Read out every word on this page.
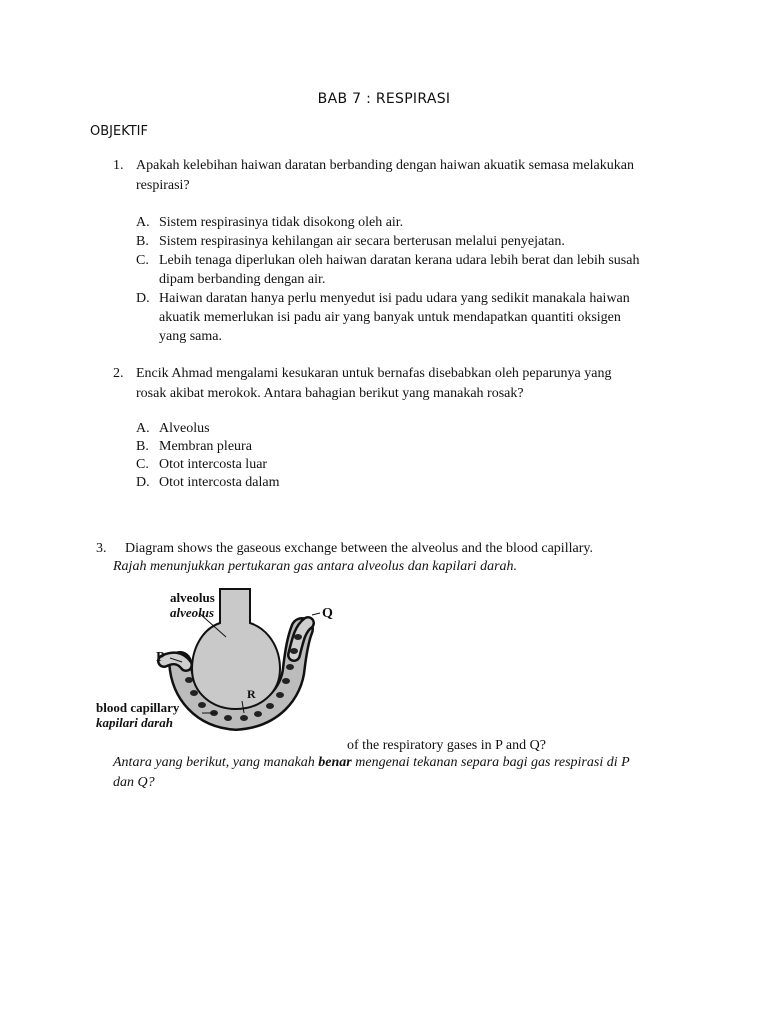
BAB 7 : RESPIRASI
OBJEKTIF
1. Apakah kelebihan haiwan daratan berbanding dengan haiwan akuatik semasa melakukan
respirasi?
A. Sistem respirasinya tidak disokong oleh air.
B. Sistem respirasinya kehilangan air secara berterusan melalui penyejatan.
C. Lebih tenaga diperlukan oleh haiwan daratan kerana udara lebih berat dan lebih susah
dipam berbanding dengan air.
D. Haiwan daratan hanya perlu menyedut isi padu udara yang sedikit manakala haiwan
akuatik memerlukan isi padu air yang banyak untuk mendapatkan quantiti oksigen
yang sama.
2. Encik Ahmad mengalami kesukaran untuk bernafas disebabkan oleh peparunya yang
rosak akibat merokok. Antara bahagian berikut yang manakah rosak?
A. Alveolus
B. Membran pleura
C. Otot intercosta luar
D. Otot intercosta dalam
3. Diagram shows the gaseous exchange between the alveolus and the blood capillary.
Rajah menunjukkan pertukaran gas antara alveolus dan kapilari darah.
alveolus
alveolus	Q
P
R
blood capillary
kapilari darah
of the respiratory gases in P and Q?
Antara yang berikut, yang manakah benar mengenai tekanan separa bagi gas respirasi di P
dan Q?
